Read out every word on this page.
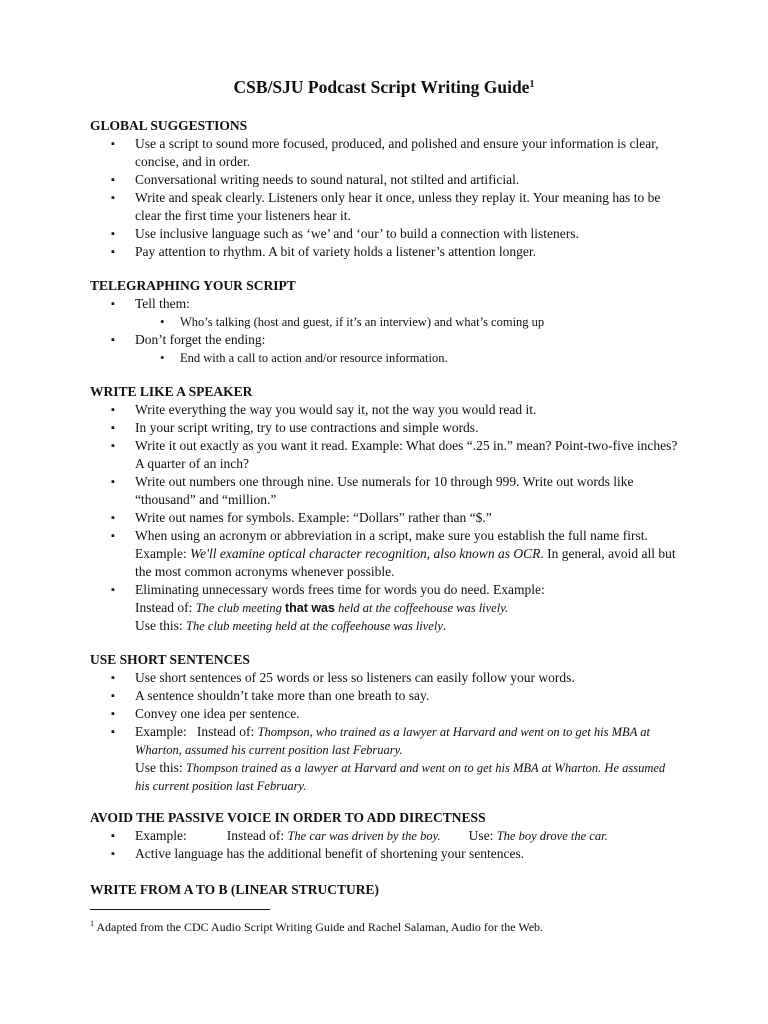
CSB/SJU Podcast Script Writing Guide$^1$
GLOBAL SUGGESTIONS
▪ Use a script to sound more focused, produced, and polished and ensure your information is clear, concise, and in order.
▪ Conversational writing needs to sound natural, not stilted and artificial.
▪ Write and speak clearly. Listeners only hear it once, unless they replay it. Your meaning has to be clear the first time your listeners hear it.
▪ Use inclusive language such as ‘we’ and ‘our’ to build a connection with listeners.
▪ Pay attention to rhythm. A bit of variety holds a listener’s attention longer.
TELEGRAPHING YOUR SCRIPT
▪ Tell them:
• Who’s talking (host and guest, if it’s an interview) and what’s coming up
▪ Don’t forget the ending:
• End with a call to action and/or resource information.
WRITE LIKE A SPEAKER
▪ Write everything the way you would say it, not the way you would read it.
▪ In your script writing, try to use contractions and simple words.
▪ Write it out exactly as you want it read. Example: What does “.25 in.” mean? Point-two-five inches? A quarter of an inch?
▪ Write out numbers one through nine. Use numerals for 10 through 999. Write out words like “thousand” and “million.”
▪ Write out names for symbols. Example: “Dollars” rather than “$.”
▪ When using an acronym or abbreviation in a script, make sure you establish the full name first. Example: We'll examine optical character recognition, also known as OCR. In general, avoid all but the most common acronyms whenever possible.
▪ Eliminating unnecessary words frees time for words you do need. Example:
Instead of: The club meeting that was held at the coffeehouse was lively.
Use this: The club meeting held at the coffeehouse was lively.
USE SHORT SENTENCES
▪ Use short sentences of 25 words or less so listeners can easily follow your words.
▪ A sentence shouldn’t take more than one breath to say.
▪ Convey one idea per sentence.
▪ Example: Instead of: Thompson, who trained as a lawyer at Harvard and went on to get his MBA at Wharton, assumed his current position last February.
Use this: Thompson trained as a lawyer at Harvard and went on to get his MBA at Wharton. He assumed his current position last February.
AVOID THE PASSIVE VOICE IN ORDER TO ADD DIRECTNESS
▪ Example:	Instead of: The car was driven by the boy. Use: The boy drove the car.
▪ Active language has the additional benefit of shortening your sentences.
WRITE FROM A TO B (LINEAR STRUCTURE)
$^1$ Adapted from the CDC Audio Script Writing Guide and Rachel Salaman, Audio for the Web.
